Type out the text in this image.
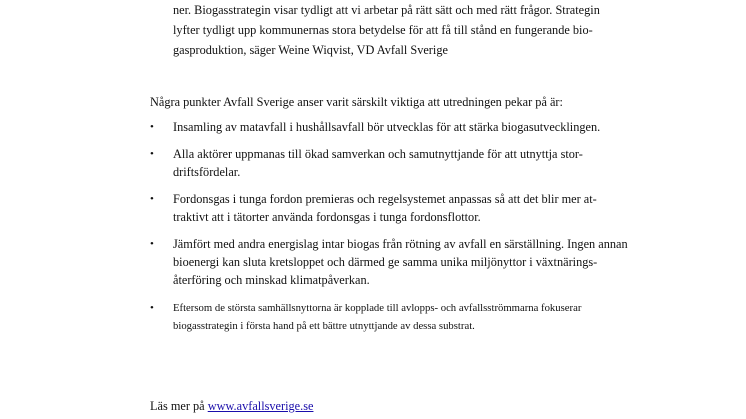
ner. Biogasstrategin visar tydligt att vi arbetar på rätt sätt och med rätt frågor. Strategin
lyfter tydligt upp kommunernas stora betydelse för att få till stånd en fungerande bio-
gasproduktion, säger Weine Wiqvist, VD Avfall Sverige
Några punkter Avfall Sverige anser varit särskilt viktiga att utredningen pekar på är:
• Insamling av matavfall i hushållsavfall bör utvecklas för att stärka biogasutvecklingen.
• Alla aktörer uppmanas till ökad samverkan och samutnyttjande för att utnyttja stor-
driftsfördelar.
• Fordonsgas i tunga fordon premieras och regelsystemet anpassas så att det blir mer at-
traktivt att i tätorter använda fordonsgas i tunga fordonsflottor.
• Jämfört med andra energislag intar biogas från rötning av avfall en särställning. Ingen annan
bioenergi kan sluta kretsloppet och därmed ge samma unika miljönyttor i växtnärings-
återföring och minskad klimatpåverkan.
• Eftersom de största samhällsnyttorna är kopplade till avlopps- och avfallsströmmarna fokuserar
biogasstrategin i första hand på ett bättre utnyttjande av dessa substrat.
Läs mer på www.avfallsverige.se
